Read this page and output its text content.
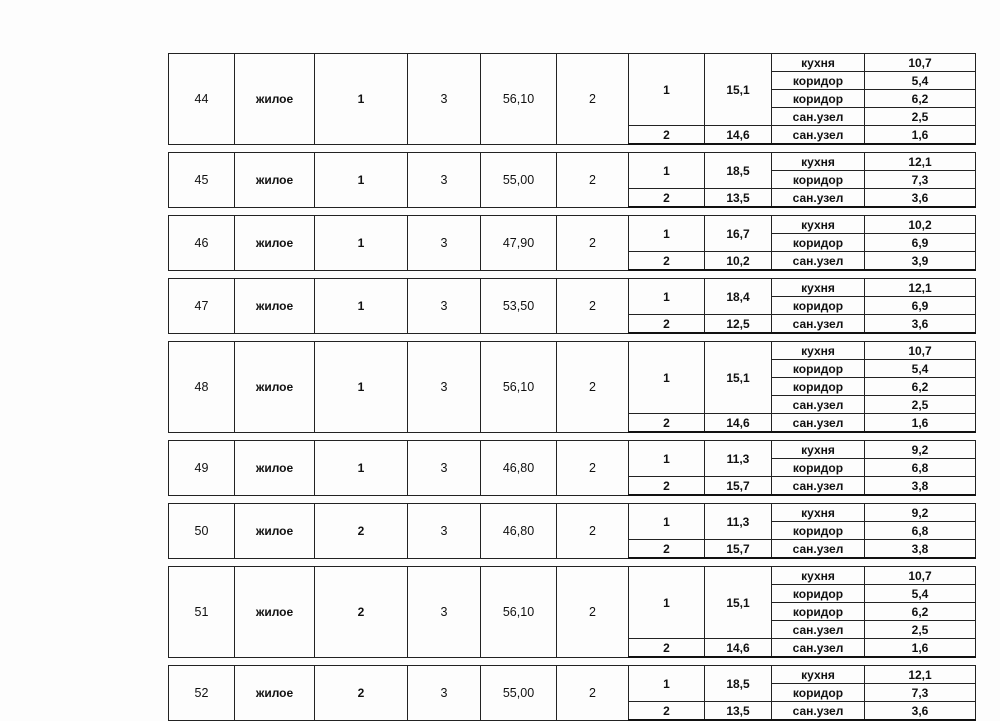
44	жилое	1	3	56,10	2	1	15,1	кухня	10,7
								коридор	5,4
								коридор	6,2
								сан.узел	2,5
						2	14,6	сан.узел	1,6

45	жилое	1	3	55,00	2	1	18,5	кухня	12,1
								коридор	7,3
						2	13,5	сан.узел	3,6

46	жилое	1	3	47,90	2	1	16,7	кухня	10,2
								коридор	6,9
						2	10,2	сан.узел	3,9

47	жилое	1	3	53,50	2	1	18,4	кухня	12,1
								коридор	6,9
						2	12,5	сан.узел	3,6

48	жилое	1	3	56,10	2	1	15,1	кухня	10,7
								коридор	5,4
								коридор	6,2
								сан.узел	2,5
						2	14,6	сан.узел	1,6

49	жилое	1	3	46,80	2	1	11,3	кухня	9,2
								коридор	6,8
						2	15,7	сан.узел	3,8

50	жилое	2	3	46,80	2	1	11,3	кухня	9,2
								коридор	6,8
						2	15,7	сан.узел	3,8

51	жилое	2	3	56,10	2	1	15,1	кухня	10,7
								коридор	5,4
								коридор	6,2
								сан.узел	2,5
						2	14,6	сан.узел	1,6

52	жилое	2	3	55,00	2	1	18,5	кухня	12,1
								коридор	7,3
						2	13,5	сан.узел	3,6
